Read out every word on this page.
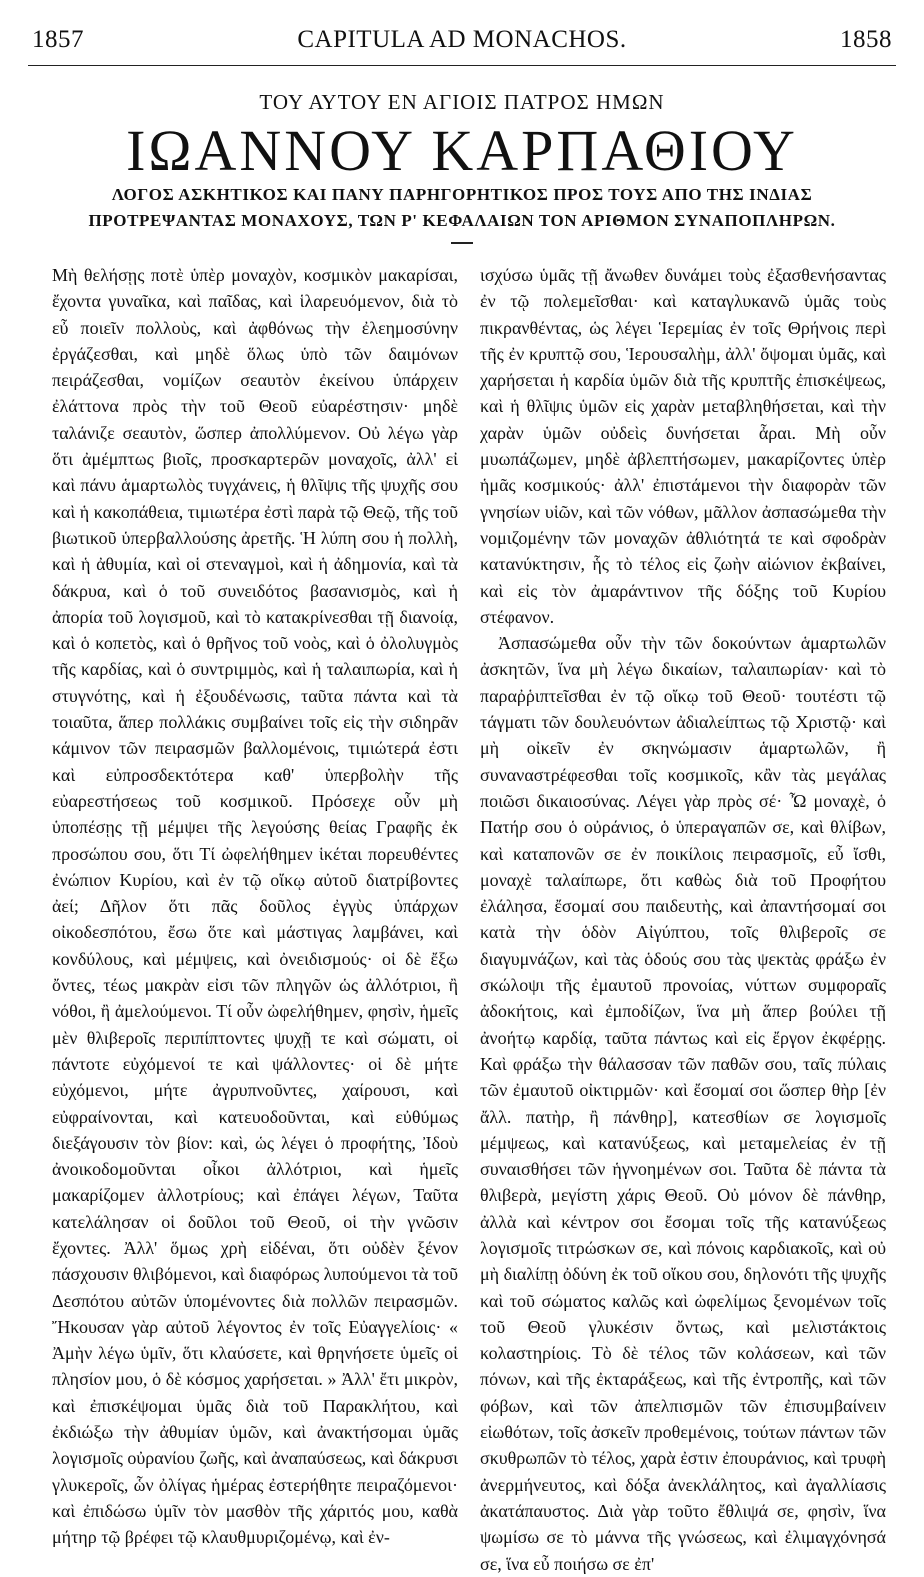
1857	CAPITULA AD MONACHOS.	1858
ΤΟΥ ΑΥΤΟΥ ΕΝ ΑΓΙΟΙΣ ΠΑΤΡΟΣ ΗΜΩΝ
ΙΩΑΝΝΟΥ ΚΑΡΠΑΘΙΟΥ
ΛΟΓΟΣ ΑΣΚΗΤΙΚΟΣ ΚΑΙ ΠΑΝΥ ΠΑΡΗΓΟΡΗΤΙΚΟΣ ΠΡΟΣ ΤΟΥΣ ΑΠΟ ΤΗΣ ΙΝΔΙΑΣ ΠΡΟΤΡΕΨΑΝΤΑΣ ΜΟΝΑΧΟΥΣ, ΤΩΝ Ρ' ΚΕΦΑΛΑΙΩΝ ΤΟΝ ΑΡΙΘΜΟΝ ΣΥΝΑΠΟΠΛΗΡΩΝ.

Μὴ θελήσῃς ποτὲ ὑπὲρ μοναχὸν, κοσμικὸν μακαρίσαι, ἔχοντα γυναῖκα, καὶ παῖδας, καὶ ἱλαρευόμενον, διὰ τὸ εὖ ποιεῖν πολλοὺς, καὶ ἀφθόνως τὴν ἐλεημοσύνην ἐργάζεσθαι, καὶ μηδὲ ὅλως ὑπὸ τῶν δαιμόνων πειράζεσθαι, νομίζων σεαυτὸν ἐκείνου ὑπάρχειν ἐλάττονα πρὸς τὴν τοῦ Θεοῦ εὐαρέστησιν· μηδὲ ταλάνιζε σεαυτὸν, ὥσπερ ἀπολλύμενον. Οὐ λέγω γὰρ ὅτι ἀμέμπτως βιοῖς, προσκαρτερῶν μοναχοῖς, ἀλλ' εἰ καὶ πάνυ ἁμαρτωλὸς τυγχάνεις, ἡ θλῖψις τῆς ψυχῆς σου καὶ ἡ κακοπάθεια, τιμιωτέρα ἐστὶ παρὰ τῷ Θεῷ, τῆς τοῦ βιωτικοῦ ὑπερβαλλούσης ἀρετῆς. Ἡ λύπη σου ἡ πολλὴ, καὶ ἡ ἀθυμία, καὶ οἱ στεναγμοὶ, καὶ ἡ ἀδημονία, καὶ τὰ δάκρυα, καὶ ὁ τοῦ συνειδότος βασανισμὸς, καὶ ἡ ἀπορία τοῦ λογισμοῦ, καὶ τὸ κατακρίνεσθαι τῇ διανοίᾳ, καὶ ὁ κοπετὸς, καὶ ὁ θρῆνος τοῦ νοὸς, καὶ ὁ ὀλολυγμὸς τῆς καρδίας, καὶ ὁ συντριμμὸς, καὶ ἡ ταλαιπωρία, καὶ ἡ στυγνότης, καὶ ἡ ἐξουδένωσις, ταῦτα πάντα καὶ τὰ τοιαῦτα, ἅπερ πολλάκις συμβαίνει τοῖς εἰς τὴν σιδηρᾶν κάμινον τῶν πειρασμῶν βαλλομένοις, τιμιώτερά ἐστι καὶ εὐπροσδεκτότερα καθ' ὑπερβολὴν τῆς εὐαρεστήσεως τοῦ κοσμικοῦ. Πρόσεχε οὖν μὴ ὑποπέσῃς τῇ μέμψει τῆς λεγούσης θείας Γραφῆς ἐκ προσώπου σου, ὅτι Τί ὠφελήθημεν ἱκέται πορευθέντες ἐνώπιον Κυρίου, καὶ ἐν τῷ οἴκῳ αὐτοῦ διατρίβοντες ἀεί; Δῆλον ὅτι πᾶς δοῦλος ἐγγὺς ὑπάρχων οἰκοδεσπότου, ἔσω ὅτε καὶ μάστιγας λαμβάνει, καὶ κονδύλους, καὶ μέμψεις, καὶ ὀνειδισμούς· οἱ δὲ ἔξω ὄντες, τέως μακρὰν εἰσι τῶν πληγῶν ὡς ἀλλότριοι, ἢ νόθοι, ἢ ἀμελούμενοι. Τί οὖν ὠφελήθημεν, φησὶν, ἡμεῖς μὲν θλιβεροῖς περιπίπτοντες ψυχῇ τε καὶ σώματι, οἱ πάντοτε εὐχόμενοί τε καὶ ψάλλοντες· οἱ δὲ μήτε εὐχόμενοι, μήτε ἀγρυπνοῦντες, χαίρουσι, καὶ εὐφραίνονται, καὶ κατευοδοῦνται, καὶ εὐθύμως διεξάγουσιν τὸν βίον: καὶ, ὡς λέγει ὁ προφήτης, Ἰδοὺ ἀνοικοδομοῦνται οἶκοι ἀλλότριοι, καὶ ἡμεῖς μακαρίζομεν ἀλλοτρίους; καὶ ἐπάγει λέγων, Ταῦτα κατελάλησαν οἱ δοῦλοι τοῦ Θεοῦ, οἱ τὴν γνῶσιν ἔχοντες. Ἀλλ' ὅμως χρὴ εἰδέναι, ὅτι οὐδὲν ξένον πάσχουσιν θλιβόμενοι, καὶ διαφόρως λυπούμενοι τὰ τοῦ Δεσπότου αὐτῶν ὑπομένοντες διὰ πολλῶν πειρασμῶν. Ἤκουσαν γὰρ αὐτοῦ λέγοντος ἐν τοῖς Εὐαγγελίοις· « Ἀμὴν λέγω ὑμῖν, ὅτι κλαύσετε, καὶ θρηνήσετε ὑμεῖς οἱ πλησίον μου, ὁ δὲ κόσμος χαρήσεται. » Ἀλλ' ἔτι μικρὸν, καὶ ἐπισκέψομαι ὑμᾶς διὰ τοῦ Παρακλήτου, καὶ ἐκδιώξω τὴν ἀθυμίαν ὑμῶν, καὶ ἀνακτήσομαι ὑμᾶς λογισμοῖς οὐρανίου ζωῆς, καὶ ἀναπαύσεως, καὶ δάκρυσι γλυκεροῖς, ὧν ὀλίγας ἡμέρας ἐστερήθητε πειραζόμενοι· καὶ ἐπιδώσω ὑμῖν τὸν μασθὸν τῆς χάριτός μου, καθὰ μήτηρ τῷ βρέφει τῷ κλαυθμυριζομένῳ, καὶ ἐν-

ισχύσω ὑμᾶς τῇ ἄνωθεν δυνάμει τοὺς ἐξασθενήσαντας ἐν τῷ πολεμεῖσθαι· καὶ καταγλυκανῶ ὑμᾶς τοὺς πικρανθέντας, ὡς λέγει Ἱερεμίας ἐν τοῖς Θρήνοις περὶ τῆς ἐν κρυπτῷ σου, Ἱερουσαλὴμ, ἀλλ' ὄψομαι ὑμᾶς, καὶ χαρήσεται ἡ καρδία ὑμῶν διὰ τῆς κρυπτῆς ἐπισκέψεως, καὶ ἡ θλῖψις ὑμῶν εἰς χαρὰν μεταβληθήσεται, καὶ τὴν χαρὰν ὑμῶν οὐδεὶς δυνήσεται ἆραι. Μὴ οὖν μυωπάζωμεν, μηδὲ ἀβλεπτήσωμεν, μακαρίζοντες ὑπὲρ ἡμᾶς κοσμικούς· ἀλλ' ἐπιστάμενοι τὴν διαφορὰν τῶν γνησίων υἱῶν, καὶ τῶν νόθων, μᾶλλον ἀσπασώμεθα τὴν νομιζομένην τῶν μοναχῶν ἀθλιότητά τε καὶ σφοδρὰν κατανύκτησιν, ἧς τὸ τέλος εἰς ζωὴν αἰώνιον ἐκβαίνει, καὶ εἰς τὸν ἀμαράντινον τῆς δόξης τοῦ Κυρίου στέφανον.

Ἀσπασώμεθα οὖν τὴν τῶν δοκούντων ἁμαρτωλῶν ἀσκητῶν, ἵνα μὴ λέγω δικαίων, ταλαιπωρίαν· καὶ τὸ παραῤῥιπτεῖσθαι ἐν τῷ οἴκῳ τοῦ Θεοῦ· τουτέστι τῷ τάγματι τῶν δουλευόντων ἀδιαλείπτως τῷ Χριστῷ· καὶ μὴ οἰκεῖν ἐν σκηνώμασιν ἁμαρτωλῶν, ἢ συναναστρέφεσθαι τοῖς κοσμικοῖς, κἂν τὰς μεγάλας ποιῶσι δικαιοσύνας. Λέγει γὰρ πρὸς σέ· Ὦ μοναχὲ, ὁ Πατήρ σου ὁ οὐράνιος, ὁ ὑπεραγαπῶν σε, καὶ θλίβων, καὶ καταπονῶν σε ἐν ποικίλοις πειρασμοῖς, εὖ ἴσθι, μοναχὲ ταλαίπωρε, ὅτι καθὼς διὰ τοῦ Προφήτου ἐλάλησα, ἔσομαί σου παιδευτὴς, καὶ ἀπαντήσομαί σοι κατὰ τὴν ὁδὸν Αἰγύπτου, τοῖς θλιβεροῖς σε διαγυμνάζων, καὶ τὰς ὁδούς σου τὰς ψεκτὰς φράξω ἐν σκώλοψι τῆς ἐμαυτοῦ προνοίας, νύττων συμφοραῖς ἀδοκήτοις, καὶ ἐμποδίζων, ἵνα μὴ ἅπερ βούλει τῇ ἀνοήτῳ καρδίᾳ, ταῦτα πάντως καὶ εἰς ἔργον ἐκφέρῃς. Καὶ φράξω τὴν θάλασσαν τῶν παθῶν σου, ταῖς πύλαις τῶν ἐμαυτοῦ οἰκτιρμῶν· καὶ ἔσομαί σοι ὥσπερ θὴρ [ἐν ἄλλ. πατὴρ, ἢ πάνθηρ], κατεσθίων σε λογισμοῖς μέμψεως, καὶ κατανύξεως, καὶ μεταμελείας ἐν τῇ συναισθήσει τῶν ἡγνοημένων σοι. Ταῦτα δὲ πάντα τὰ θλιβερὰ, μεγίστη χάρις Θεοῦ. Οὐ μόνον δὲ πάνθηρ, ἀλλὰ καὶ κέντρον σοι ἔσομαι τοῖς τῆς κατανύξεως λογισμοῖς τιτρώσκων σε, καὶ πόνοις καρδιακοῖς, καὶ οὐ μὴ διαλίπῃ ὀδύνη ἐκ τοῦ οἴκου σου, δηλονότι τῆς ψυχῆς καὶ τοῦ σώματος καλῶς καὶ ὠφελίμως ξενομένων τοῖς τοῦ Θεοῦ γλυκέσιν ὄντως, καὶ μελιστάκτοις κολαστηρίοις. Τὸ δὲ τέλος τῶν κολάσεων, καὶ τῶν πόνων, καὶ τῆς ἐκταράξεως, καὶ τῆς ἐντροπῆς, καὶ τῶν φόβων, καὶ τῶν ἀπελπισμῶν τῶν ἐπισυμβαίνειν εἰωθότων, τοῖς ἀσκεῖν προθεμένοις, τούτων πάντων τῶν σκυθρωπῶν τὸ τέλος, χαρὰ ἐστιν ἐπουράνιος, καὶ τρυφὴ ἀνερμήνευτος, καὶ δόξα ἀνεκλάλητος, καὶ ἀγαλλίασις ἀκατάπαυστος. Διὰ γὰρ τοῦτο ἔθλιψά σε, φησὶν, ἵνα ψωμίσω σε τὸ μάννα τῆς γνώσεως, καὶ ἐλιμαγχόνησά σε, ἵνα εὖ ποιήσω σε ἐπ'
